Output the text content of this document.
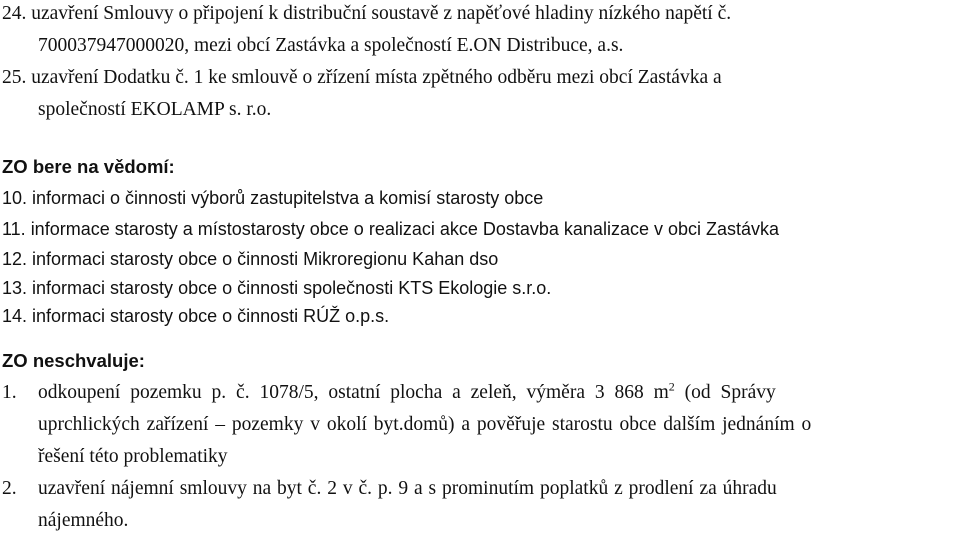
24. uzavření Smlouvy o připojení k distribuční soustavě z napěťové hladiny nízkého napětí č.
700037947000020, mezi obcí Zastávka a společností E.ON Distribuce, a.s.
25. uzavření Dodatku č. 1 ke smlouvě o zřízení místa zpětného odběru mezi obcí Zastávka a
společností EKOLAMP s. r.o.
ZO bere na vědomí:
10. informaci o činnosti výborů zastupitelstva a komisí starosty obce
11. informace starosty a místostarosty obce o realizaci akce Dostavba kanalizace v obci Zastávka
12. informaci starosty obce o činnosti Mikroregionu Kahan dso
13. informaci starosty obce o činnosti společnosti KTS Ekologie s.r.o.
14. informaci starosty obce o činnosti RÚŽ o.p.s.
ZO neschvaluje:
1. odkoupení pozemku p. č. 1078/5, ostatní plocha a zeleň, výměra 3 868 $m^2$ (od Správy
uprchlických zařízení – pozemky v okolí byt.domů) a pověřuje starostu obce dalším jednáním o
řešení této problematiky
2. uzavření nájemní smlouvy na byt č. 2 v č. p. 9 a s prominutím poplatků z prodlení za úhradu
nájemného.
